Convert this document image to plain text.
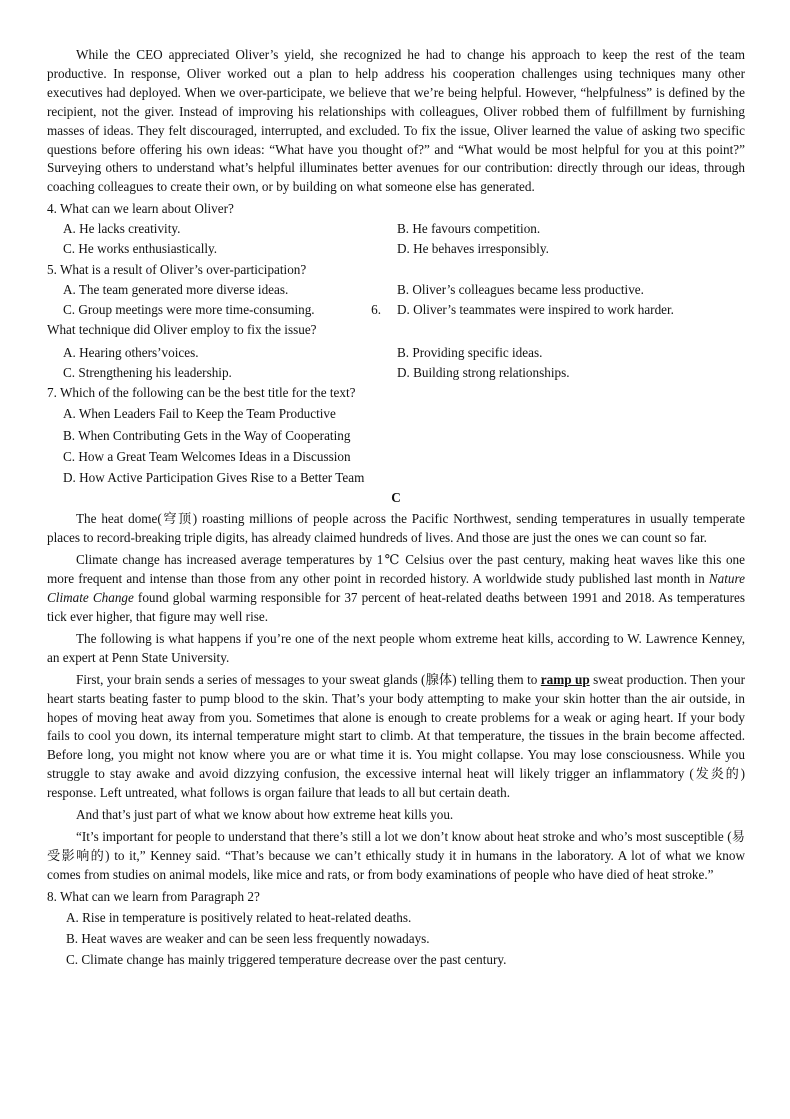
While the CEO appreciated Oliver’s yield, she recognized he had to change his approach to keep the rest of the team productive. In response, Oliver worked out a plan to help address his cooperation challenges using techniques many other executives had deployed. When we over-participate, we believe that we’re being helpful. However, “helpfulness” is defined by the recipient, not the giver. Instead of improving his relationships with colleagues, Oliver robbed them of fulfillment by furnishing masses of ideas. They felt discouraged, interrupted, and excluded. To fix the issue, Oliver learned the value of asking two specific questions before offering his own ideas: “What have you thought of?” and “What would be most helpful for you at this point?” Surveying others to understand what’s helpful illuminates better avenues for our contribution: directly through our ideas, through coaching colleagues to create their own, or by building on what someone else has generated.

4. What can we learn about Oliver?

A. He lacks creativity.	B. He favours competition.
C. He works enthusiastically.	D. He behaves irresponsibly.

5. What is a result of Oliver’s over-participation?

A. The team generated more diverse ideas.	B. Oliver’s colleagues became less productive.
C. Group meetings were more time-consuming.	6.	D. Oliver’s teammates were inspired to work harder.

What technique did Oliver employ to fix the issue?

A. Hearing others’voices.	B. Providing specific ideas.
C. Strengthening his leadership.	D. Building strong relationships.

7. Which of the following can be the best title for the text?

A. When Leaders Fail to Keep the Team Productive
B. When Contributing Gets in the Way of Cooperating
C. How a Great Team Welcomes Ideas in a Discussion
D. How Active Participation Gives Rise to a Better Team

C

The heat dome(穹顶) roasting millions of people across the Pacific Northwest, sending temperatures in usually temperate places to record-breaking triple digits, has already claimed hundreds of lives. And those are just the ones we can count so far.

Climate change has increased average temperatures by 1℃ Celsius over the past century, making heat waves like this one more frequent and intense than those from any other point in recorded history. A worldwide study published last month in Nature Climate Change found global warming responsible for 37 percent of heat-related deaths between 1991 and 2018. As temperatures tick ever higher, that figure may well rise.

The following is what happens if you’re one of the next people whom extreme heat kills, according to W. Lawrence Kenney, an expert at Penn State University.

First, your brain sends a series of messages to your sweat glands (腺体) telling them to ramp up sweat production. Then your heart starts beating faster to pump blood to the skin. That’s your body attempting to make your skin hotter than the air outside, in hopes of moving heat away from you. Sometimes that alone is enough to create problems for a weak or aging heart. If your body fails to cool you down, its internal temperature might start to climb. At that temperature, the tissues in the brain become affected. Before long, you might not know where you are or what time it is. You might collapse. You may lose consciousness. While you struggle to stay awake and avoid dizzying confusion, the excessive internal heat will likely trigger an inflammatory (发炎的) response. Left untreated, what follows is organ failure that leads to all but certain death.

And that’s just part of what we know about how extreme heat kills you.

“It’s important for people to understand that there’s still a lot we don’t know about heat stroke and who’s most susceptible (易受影响的) to it,” Kenney said. “That’s because we can’t ethically study it in humans in the laboratory. A lot of what we know comes from studies on animal models, like mice and rats, or from body examinations of people who have died of heat stroke.”

8. What can we learn from Paragraph 2?

A. Rise in temperature is positively related to heat-related deaths.
B. Heat waves are weaker and can be seen less frequently nowadays.
C. Climate change has mainly triggered temperature decrease over the past century.
